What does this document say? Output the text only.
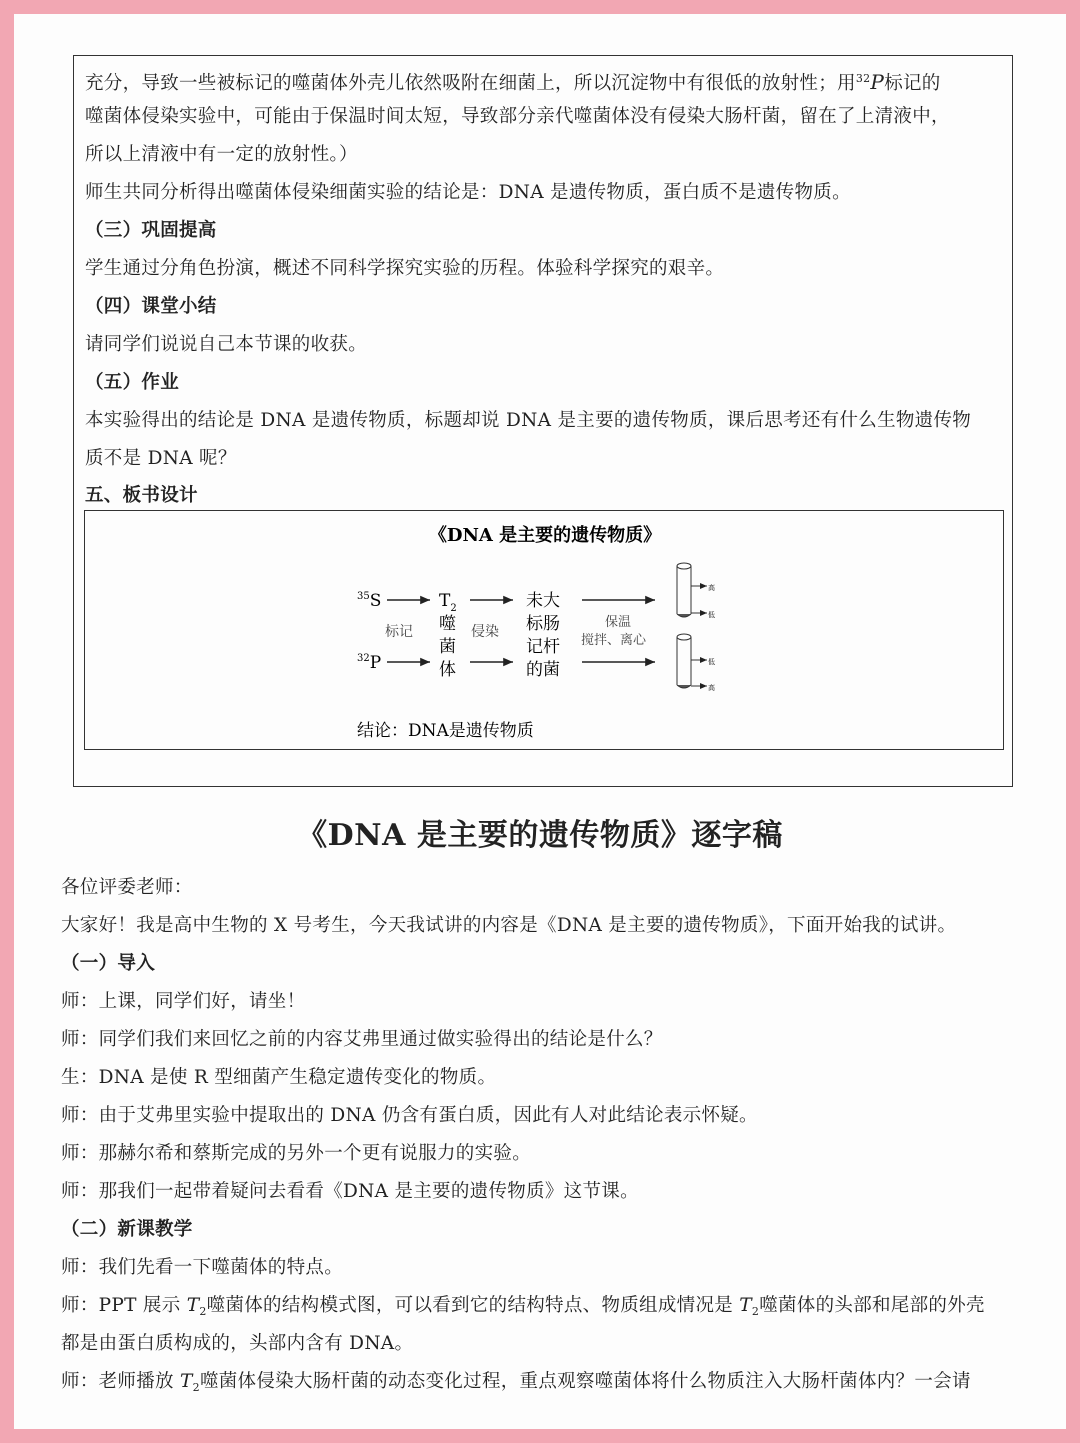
充分，导致一些被标记的噬菌体外壳儿依然吸附在细菌上，所以沉淀物中有很低的放射性；用$^{32}$P标记的
噬菌体侵染实验中，可能由于保温时间太短，导致部分亲代噬菌体没有侵染大肠杆菌，留在了上清液中，
所以上清液中有一定的放射性。）
师生共同分析得出噬菌体侵染细菌实验的结论是：DNA 是遗传物质，蛋白质不是遗传物质。
（三）巩固提高
学生通过分角色扮演，概述不同科学探究实验的历程。体验科学探究的艰辛。
（四）课堂小结
请同学们说说自己本节课的收获。
（五）作业
本实验得出的结论是 DNA 是遗传物质，标题却说 DNA 是主要的遗传物质，课后思考还有什么生物遗传物
质不是 DNA 呢？
五、板书设计
《DNA 是主要的遗传物质》
$^{35}$S
$^{32}$P
标记
$T_2$
噬
菌
体
侵染
未大
标肠
记杆
的菌
保温
搅拌、离心
高
低
低
高
结论：DNA是遗传物质
《DNA 是主要的遗传物质》逐字稿
各位评委老师：
大家好！我是高中生物的 X 号考生，今天我试讲的内容是《DNA 是主要的遗传物质》，下面开始我的试讲。
（一）导入
师：上课，同学们好，请坐！
师：同学们我们来回忆之前的内容艾弗里通过做实验得出的结论是什么？
生：DNA 是使 R 型细菌产生稳定遗传变化的物质。
师：由于艾弗里实验中提取出的 DNA 仍含有蛋白质，因此有人对此结论表示怀疑。
师：那赫尔希和蔡斯完成的另外一个更有说服力的实验。
师：那我们一起带着疑问去看看《DNA 是主要的遗传物质》这节课。
（二）新课教学
师：我们先看一下噬菌体的特点。
师：PPT 展示 $T_2$噬菌体的结构模式图，可以看到它的结构特点、物质组成情况是 $T_2$噬菌体的头部和尾部的外壳
都是由蛋白质构成的，头部内含有 DNA。
师：老师播放 $T_2$噬菌体侵染大肠杆菌的动态变化过程，重点观察噬菌体将什么物质注入大肠杆菌体内？一会请
